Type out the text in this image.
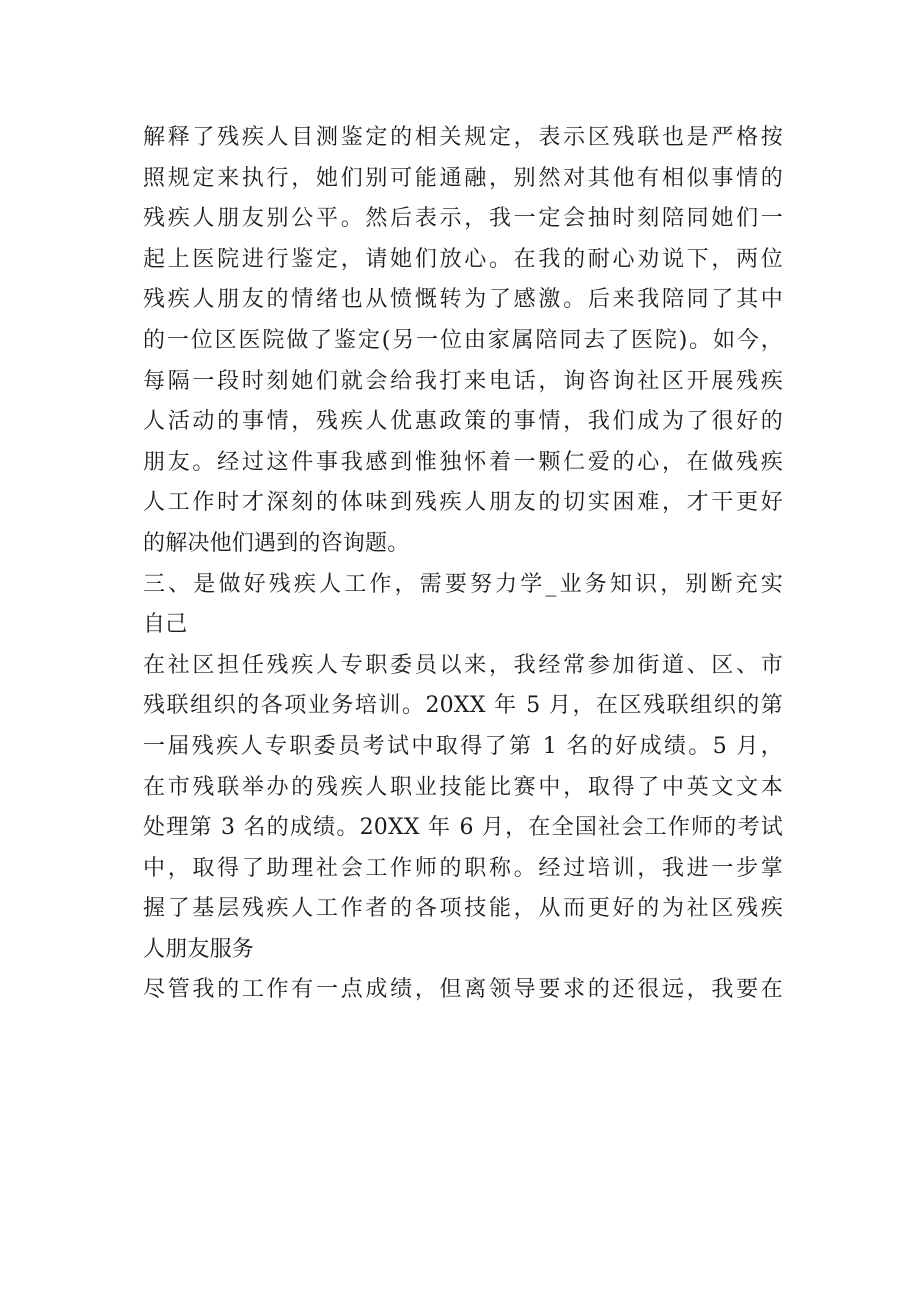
解释了残疾人目测鉴定的相关规定，表示区残联也是严格按
照规定来执行，她们别可能通融，别然对其他有相似事情的
残疾人朋友别公平。然后表示，我一定会抽时刻陪同她们一
起上医院进行鉴定，请她们放心。在我的耐心劝说下，两位
残疾人朋友的情绪也从愤慨转为了感激。后来我陪同了其中
的一位区医院做了鉴定(另一位由家属陪同去了医院)。如今，
每隔一段时刻她们就会给我打来电话，询咨询社区开展残疾
人活动的事情，残疾人优惠政策的事情，我们成为了很好的
朋友。经过这件事我感到惟独怀着一颗仁爱的心，在做残疾
人工作时才深刻的体味到残疾人朋友的切实困难，才干更好
的解决他们遇到的咨询题。
三、是做好残疾人工作，需要努力学_业务知识，别断充实
自己
在社区担任残疾人专职委员以来，我经常参加街道、区、市
残联组织的各项业务培训。20XX 年 5 月，在区残联组织的第
一届残疾人专职委员考试中取得了第 1 名的好成绩。5 月，
在市残联举办的残疾人职业技能比赛中，取得了中英文文本
处理第 3 名的成绩。20XX 年 6 月，在全国社会工作师的考试
中，取得了助理社会工作师的职称。经过培训，我进一步掌
握了基层残疾人工作者的各项技能，从而更好的为社区残疾
人朋友服务
尽管我的工作有一点成绩，但离领导要求的还很远，我要在
